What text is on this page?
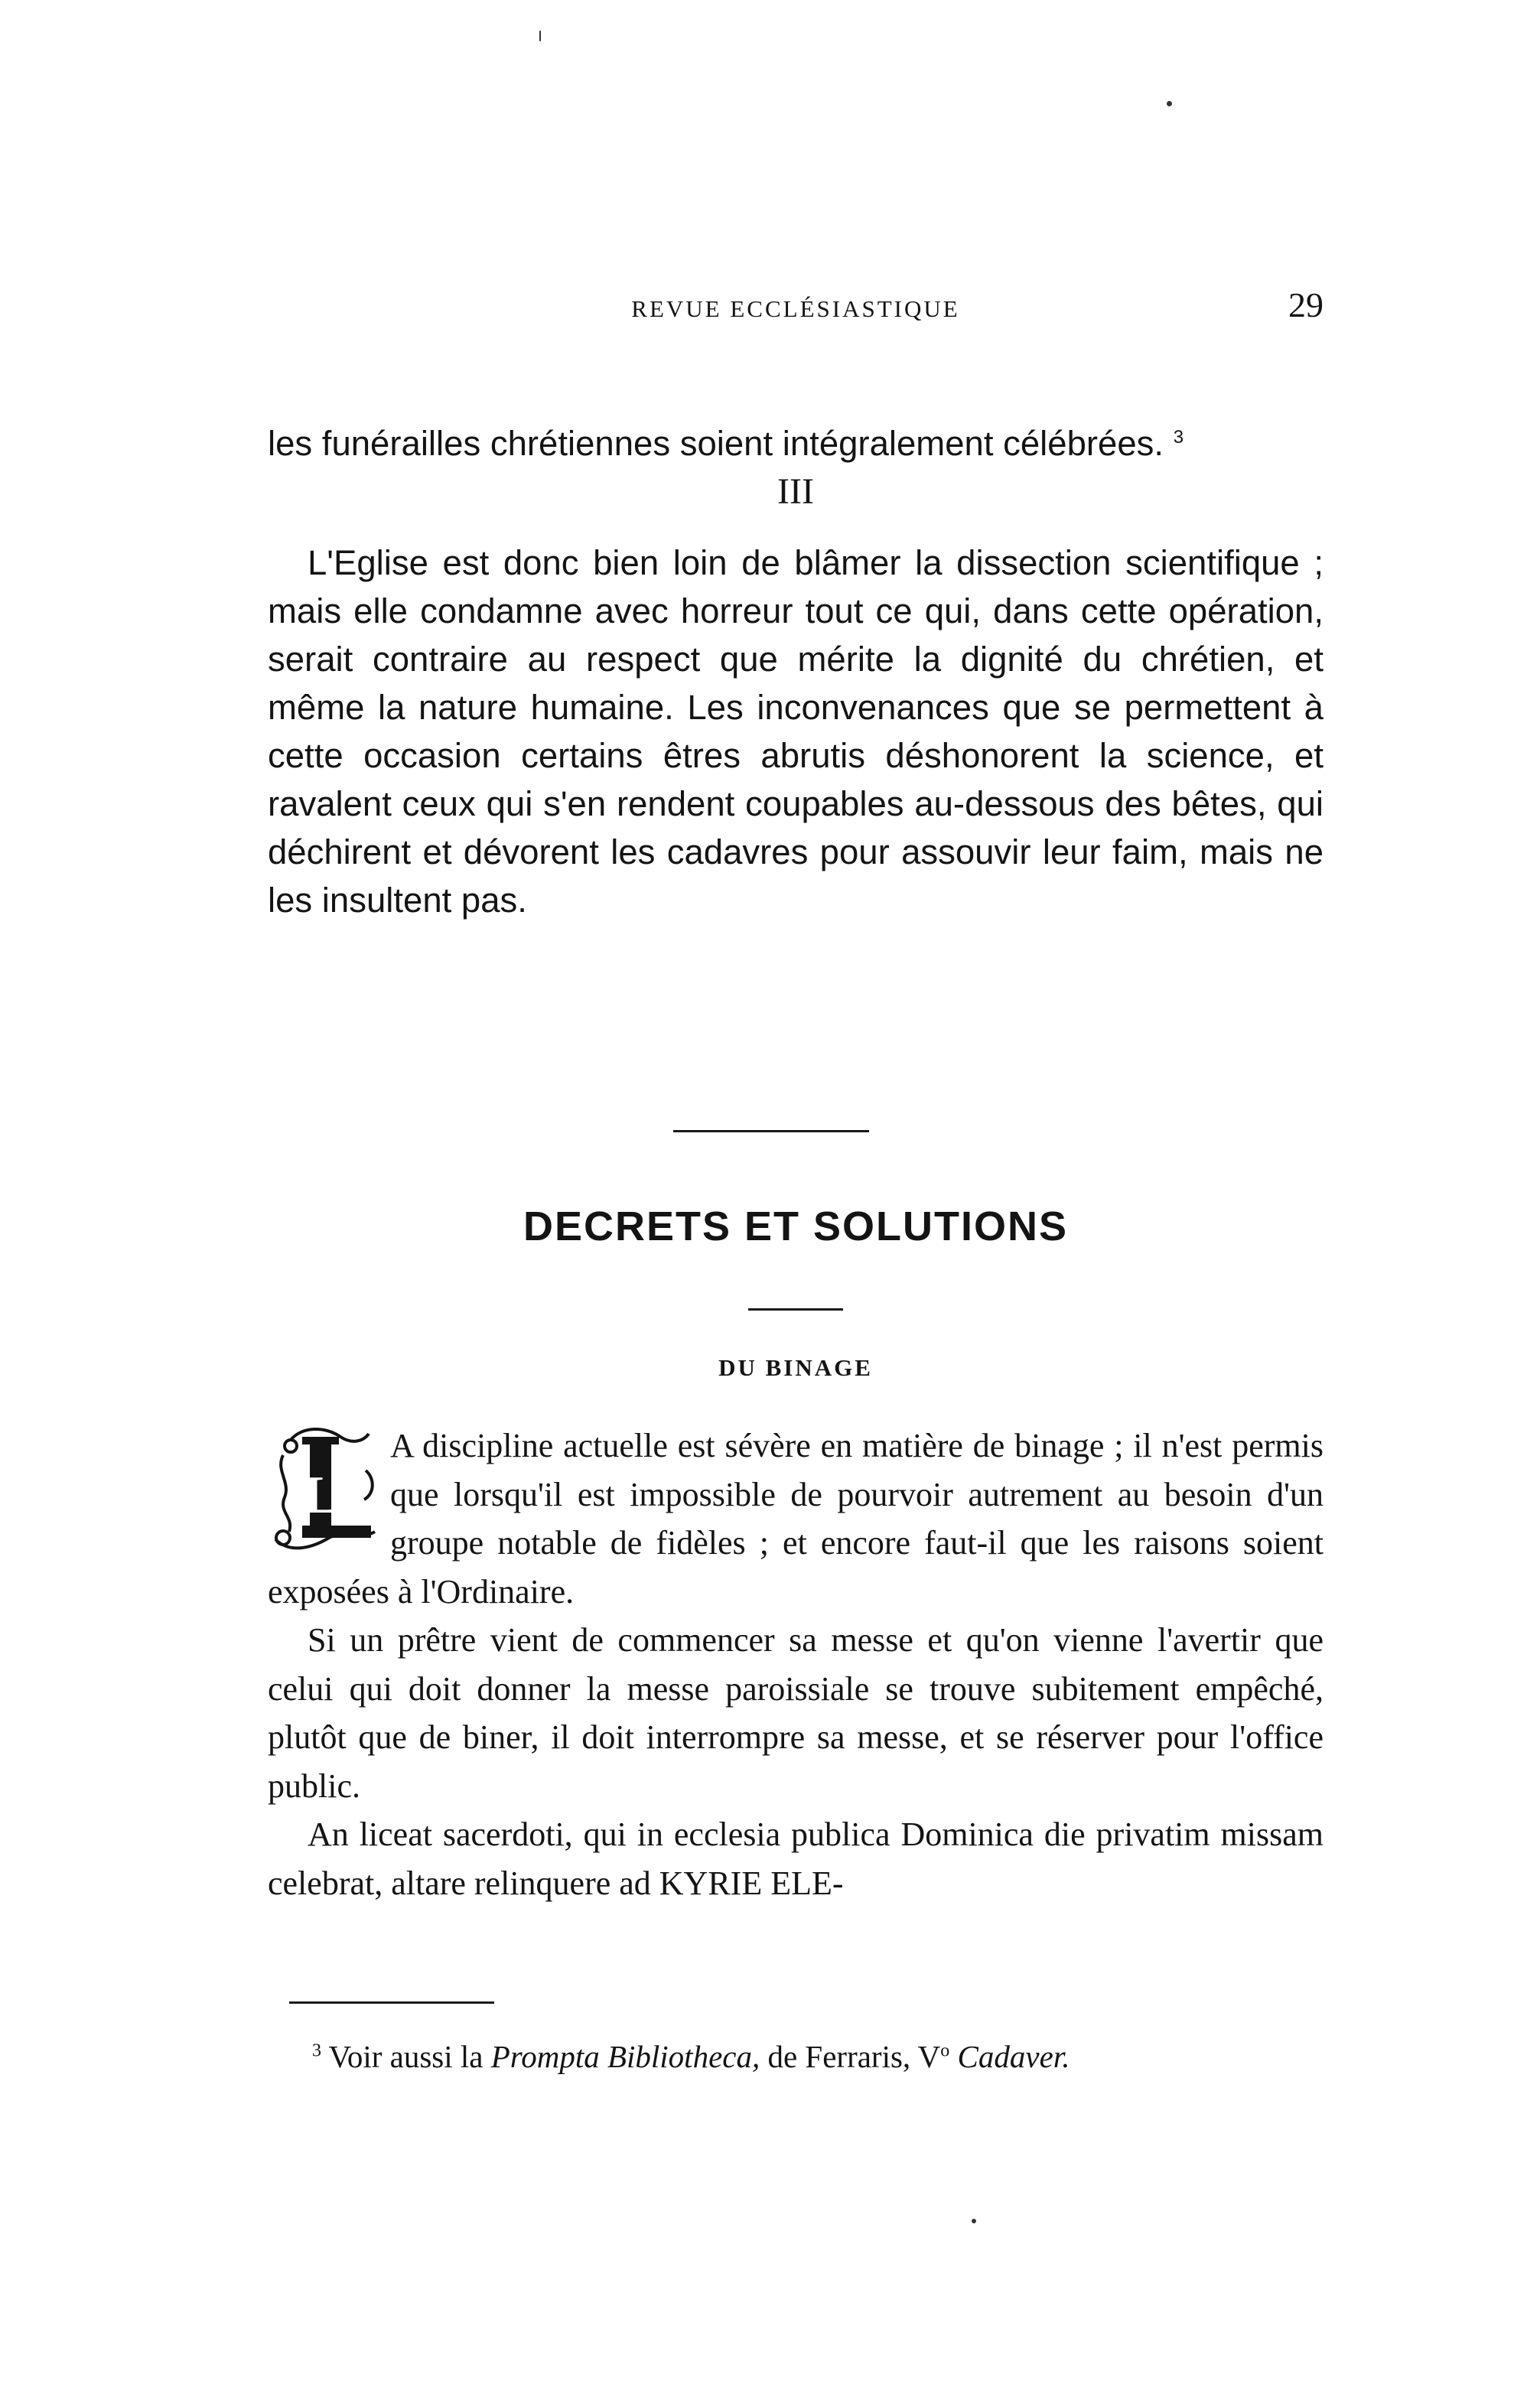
REVUE ECCLÉSIASTIQUE	29

les funérailles chrétiennes soient intégralement célébrées. $^3$

III

L'Eglise est donc bien loin de blâmer la dissection scientifique ; mais elle condamne avec horreur tout ce qui, dans cette opération, serait contraire au respect que mérite la dignité du chrétien, et même la nature humaine. Les inconvenances que se permettent à cette occasion certains êtres abrutis déshonorent la science, et ravalent ceux qui s'en rendent coupables au-dessous des bêtes, qui déchirent et dévorent les cadavres pour assouvir leur faim, mais ne les insultent pas.

DECRETS ET SOLUTIONS
DU BINAGE
L

A discipline actuelle est sévère en matière de binage ; il n'est permis que lorsqu'il est impossible de pourvoir autrement au besoin d'un groupe notable de fidèles ; et encore faut-il que les raisons soient exposées à l'Ordinaire.

Si un prêtre vient de commencer sa messe et qu'on vienne l'avertir que celui qui doit donner la messe paroissiale se trouve subitement empêché, plutôt que de biner, il doit interrompre sa messe, et se réserver pour l'office public.

An liceat sacerdoti, qui in ecclesia publica Dominica die privatim missam celebrat, altare relinquere ad KYRIE ELE-

$^3$ Voir aussi la Prompta Bibliotheca, de Ferraris, $V^o$ Cadaver.
